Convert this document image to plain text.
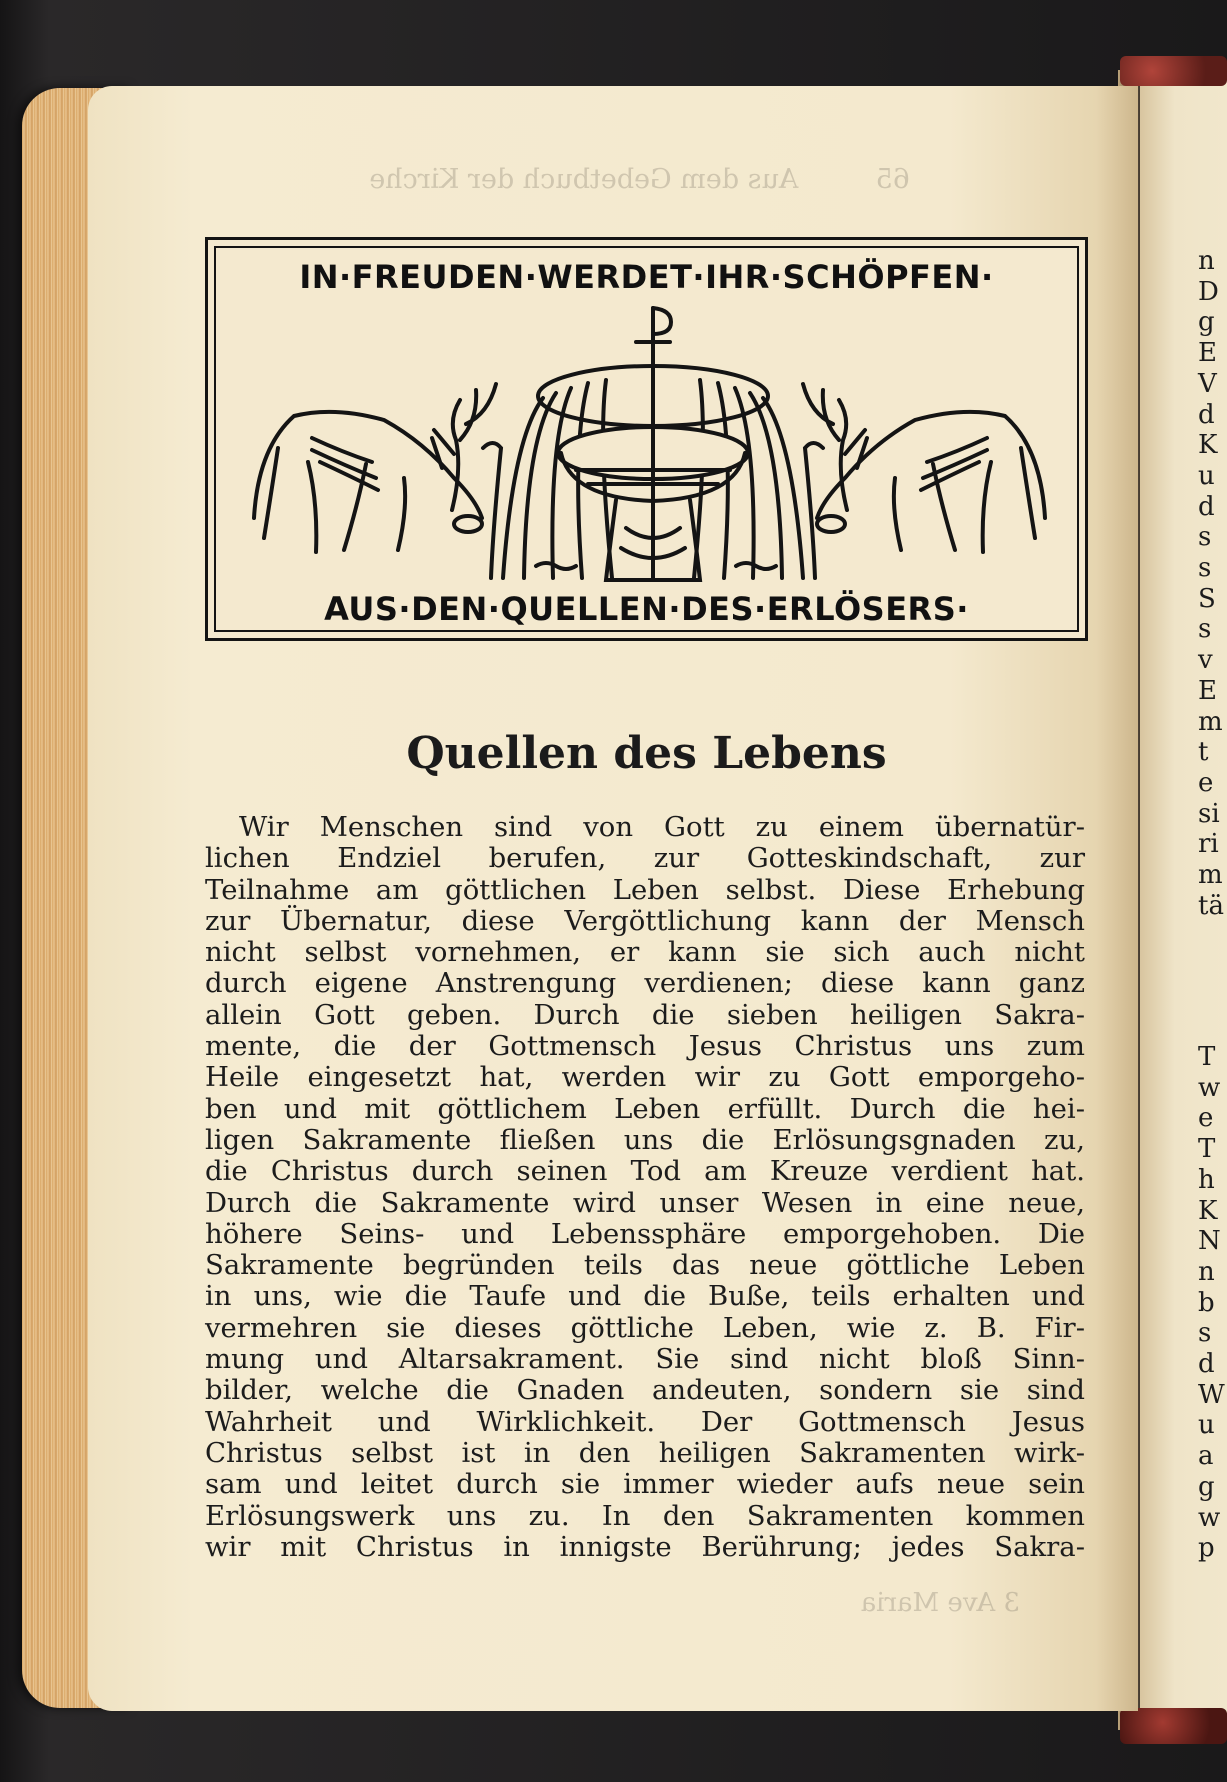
65         Aus dem Gebetbuch der Kirche
IN·FREUDEN·WERDET·IHR·SCHÖPFEN·
AUS·DEN·QUELLEN·DES·ERLÖSERS·
Quellen des Lebens
Wir Menschen sind von Gott zu einem übernatür-
lichen Endziel berufen, zur Gotteskindschaft, zur
Teilnahme am göttlichen Leben selbst. Diese Erhebung
zur Übernatur, diese Vergöttlichung kann der Mensch
nicht selbst vornehmen, er kann sie sich auch nicht
durch eigene Anstrengung verdienen; diese kann ganz
allein Gott geben. Durch die sieben heiligen Sakra-
mente, die der Gottmensch Jesus Christus uns zum
Heile eingesetzt hat, werden wir zu Gott emporgeho-
ben und mit göttlichem Leben erfüllt. Durch die hei-
ligen Sakramente fließen uns die Erlösungsgnaden zu,
die Christus durch seinen Tod am Kreuze verdient hat.
Durch die Sakramente wird unser Wesen in eine neue,
höhere Seins- und Lebenssphäre emporgehoben. Die
Sakramente begründen teils das neue göttliche Leben
in uns, wie die Taufe und die Buße, teils erhalten und
vermehren sie dieses göttliche Leben, wie z. B. Fir-
mung und Altarsakrament. Sie sind nicht bloß Sinn-
bilder, welche die Gnaden andeuten, sondern sie sind
Wahrheit und Wirklichkeit. Der Gottmensch Jesus
Christus selbst ist in den heiligen Sakramenten wirk-
sam und leitet durch sie immer wieder aufs neue sein
Erlösungswerk uns zu. In den Sakramenten kommen
wir mit Christus in innigste Berührung; jedes Sakra-
3 Ave Maria
n
D
g
E
V
d
K
u
d
s
s
S
s
v
E
m
t
e
si
ri
m
tä
T
w
e
T
h
K
N
n
b
s
d
W
u
a
g
w
p
